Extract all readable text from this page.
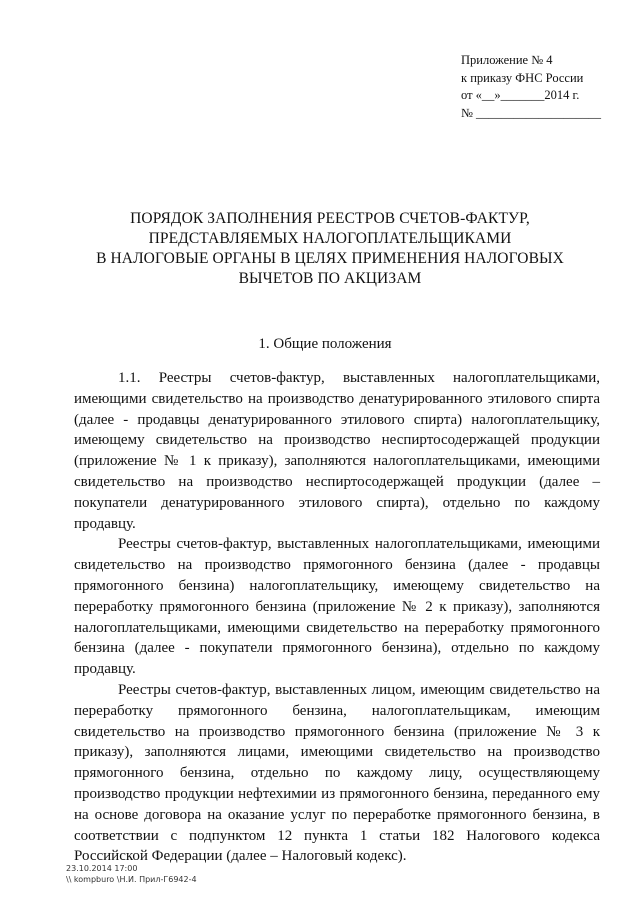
Приложение № 4
к приказу ФНС России
от «__»_______2014 г.
№ ____________________
ПОРЯДОК ЗАПОЛНЕНИЯ РЕЕСТРОВ СЧЕТОВ-ФАКТУР,
ПРЕДСТАВЛЯЕМЫХ НАЛОГОПЛАТЕЛЬЩИКАМИ
В НАЛОГОВЫЕ ОРГАНЫ В ЦЕЛЯХ ПРИМЕНЕНИЯ НАЛОГОВЫХ
ВЫЧЕТОВ ПО АКЦИЗАМ
1. Общие положения

1.1. Реестры счетов-фактур, выставленных налогоплательщиками, имеющими свидетельство на производство денатурированного этилового спирта (далее - продавцы денатурированного этилового спирта) налогоплательщику, имеющему свидетельство на производство неспиртосодержащей продукции (приложение № 1 к приказу), заполняются налогоплательщиками, имеющими свидетельство на производство неспиртосодержащей продукции (далее – покупатели денатурированного этилового спирта), отдельно по каждому продавцу.

Реестры счетов-фактур, выставленных налогоплательщиками, имеющими свидетельство на производство прямогонного бензина (далее - продавцы прямогонного бензина) налогоплательщику, имеющему свидетельство на переработку прямогонного бензина (приложение № 2 к приказу), заполняются налогоплательщиками, имеющими свидетельство на переработку прямогонного бензина (далее - покупатели прямогонного бензина), отдельно по каждому продавцу.

Реестры счетов-фактур, выставленных лицом, имеющим свидетельство на переработку прямогонного бензина, налогоплательщикам, имеющим свидетельство на производство прямогонного бензина (приложение № 3 к приказу), заполняются лицами, имеющими свидетельство на производство прямогонного бензина, отдельно по каждому лицу, осуществляющему производство продукции нефтехимии из прямогонного бензина, переданного ему на основе договора на оказание услуг по переработке прямогонного бензина, в соответствии с подпунктом 12 пункта 1 статьи 182 Налогового кодекса Российской Федерации (далее – Налоговый кодекс).

23.10.2014 17:00
\\ kompburo \Н.И. Прил-Г6942-4
